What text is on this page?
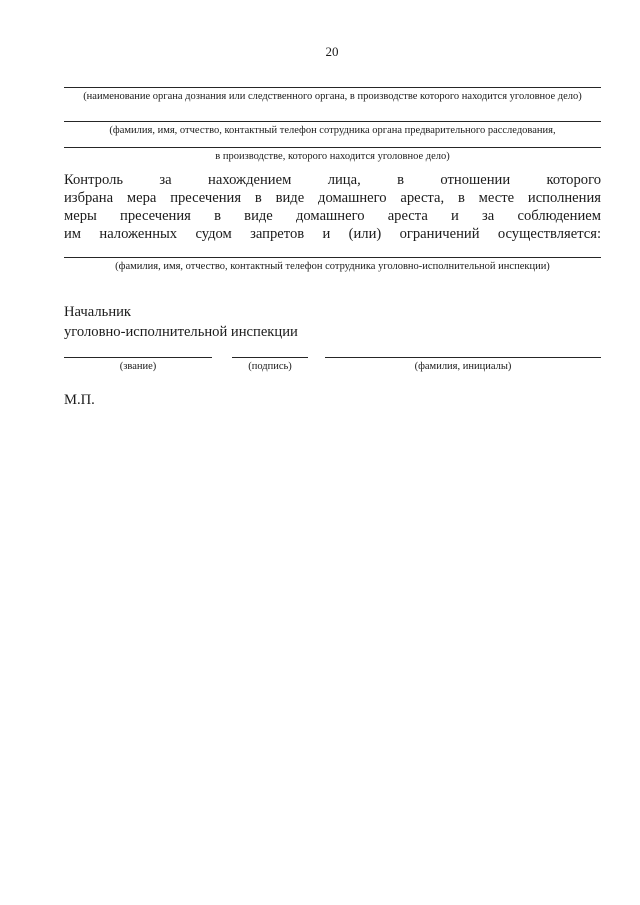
20
(наименование органа дознания или следственного органа, в производстве которого находится уголовное дело)
(фамилия, имя, отчество, контактный телефон сотрудника органа предварительного расследования,
в производстве, которого находится уголовное дело)
Контроль за нахождением лица, в отношении которого
избрана мера пресечения в виде домашнего ареста, в месте исполнения
меры пресечения в виде домашнего ареста и за соблюдением
им наложенных судом запретов и (или) ограничений осуществляется:
(фамилия, имя, отчество, контактный телефон сотрудника уголовно-исполнительной инспекции)
Начальник
уголовно-исполнительной инспекции
(звание)	(подпись)	(фамилия, инициалы)
М.П.
